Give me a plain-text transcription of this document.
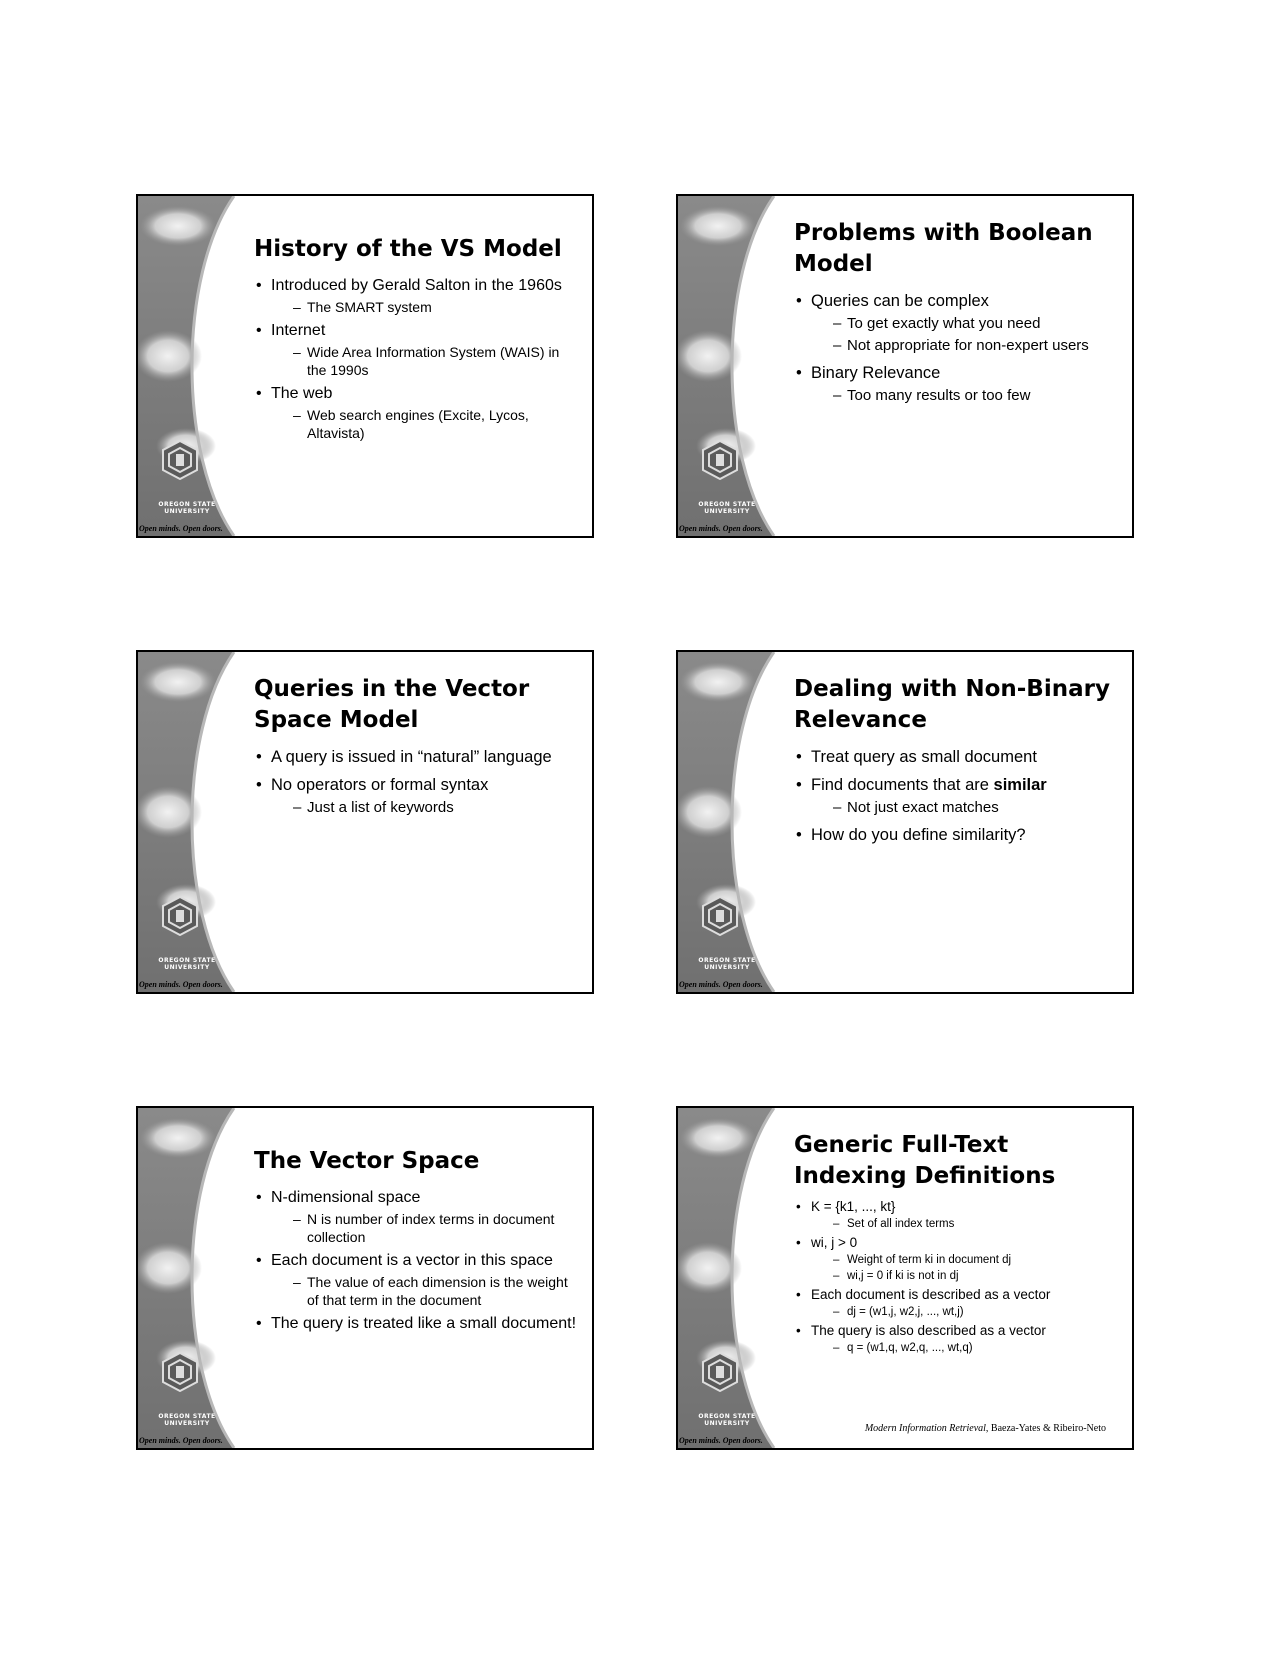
OREGON STATE
UNIVERSITY
Open minds. Open doors.
History of the VS Model
• Introduced by Gerald Salton in the 1960s
– The SMART system
• Internet
– Wide Area Information System (WAIS) in the 1990s
• The web
– Web search engines (Excite, Lycos, Altavista)
OREGON STATE
UNIVERSITY
Open minds. Open doors.
Problems with Boolean Model
• Queries can be complex
– To get exactly what you need
– Not appropriate for non-expert users
• Binary Relevance
– Too many results or too few
OREGON STATE
UNIVERSITY
Open minds. Open doors.
Queries in the Vector Space Model
• A query is issued in “natural” language
• No operators or formal syntax
– Just a list of keywords
OREGON STATE
UNIVERSITY
Open minds. Open doors.
Dealing with Non-Binary Relevance
• Treat query as small document
• Find documents that are similar
– Not just exact matches
• How do you define similarity?
OREGON STATE
UNIVERSITY
Open minds. Open doors.
The Vector Space
• N-dimensional space
– N is number of index terms in document collection
• Each document is a vector in this space
– The value of each dimension is the weight of that term in the document
• The query is treated like a small document!
OREGON STATE
UNIVERSITY
Open minds. Open doors.
Generic Full-Text Indexing Definitions
• K = {k1, ..., kt}
– Set of all index terms
• wi, j > 0
– Weight of term ki in document dj
– wi,j = 0 if ki is not in dj
• Each document is described as a vector
– dj = (w1,j, w2,j, ..., wt,j)
• The query is also described as a vector
– q = (w1,q, w2,q, ..., wt,q)
Modern Information Retrieval, Baeza-Yates & Ribeiro-Neto
